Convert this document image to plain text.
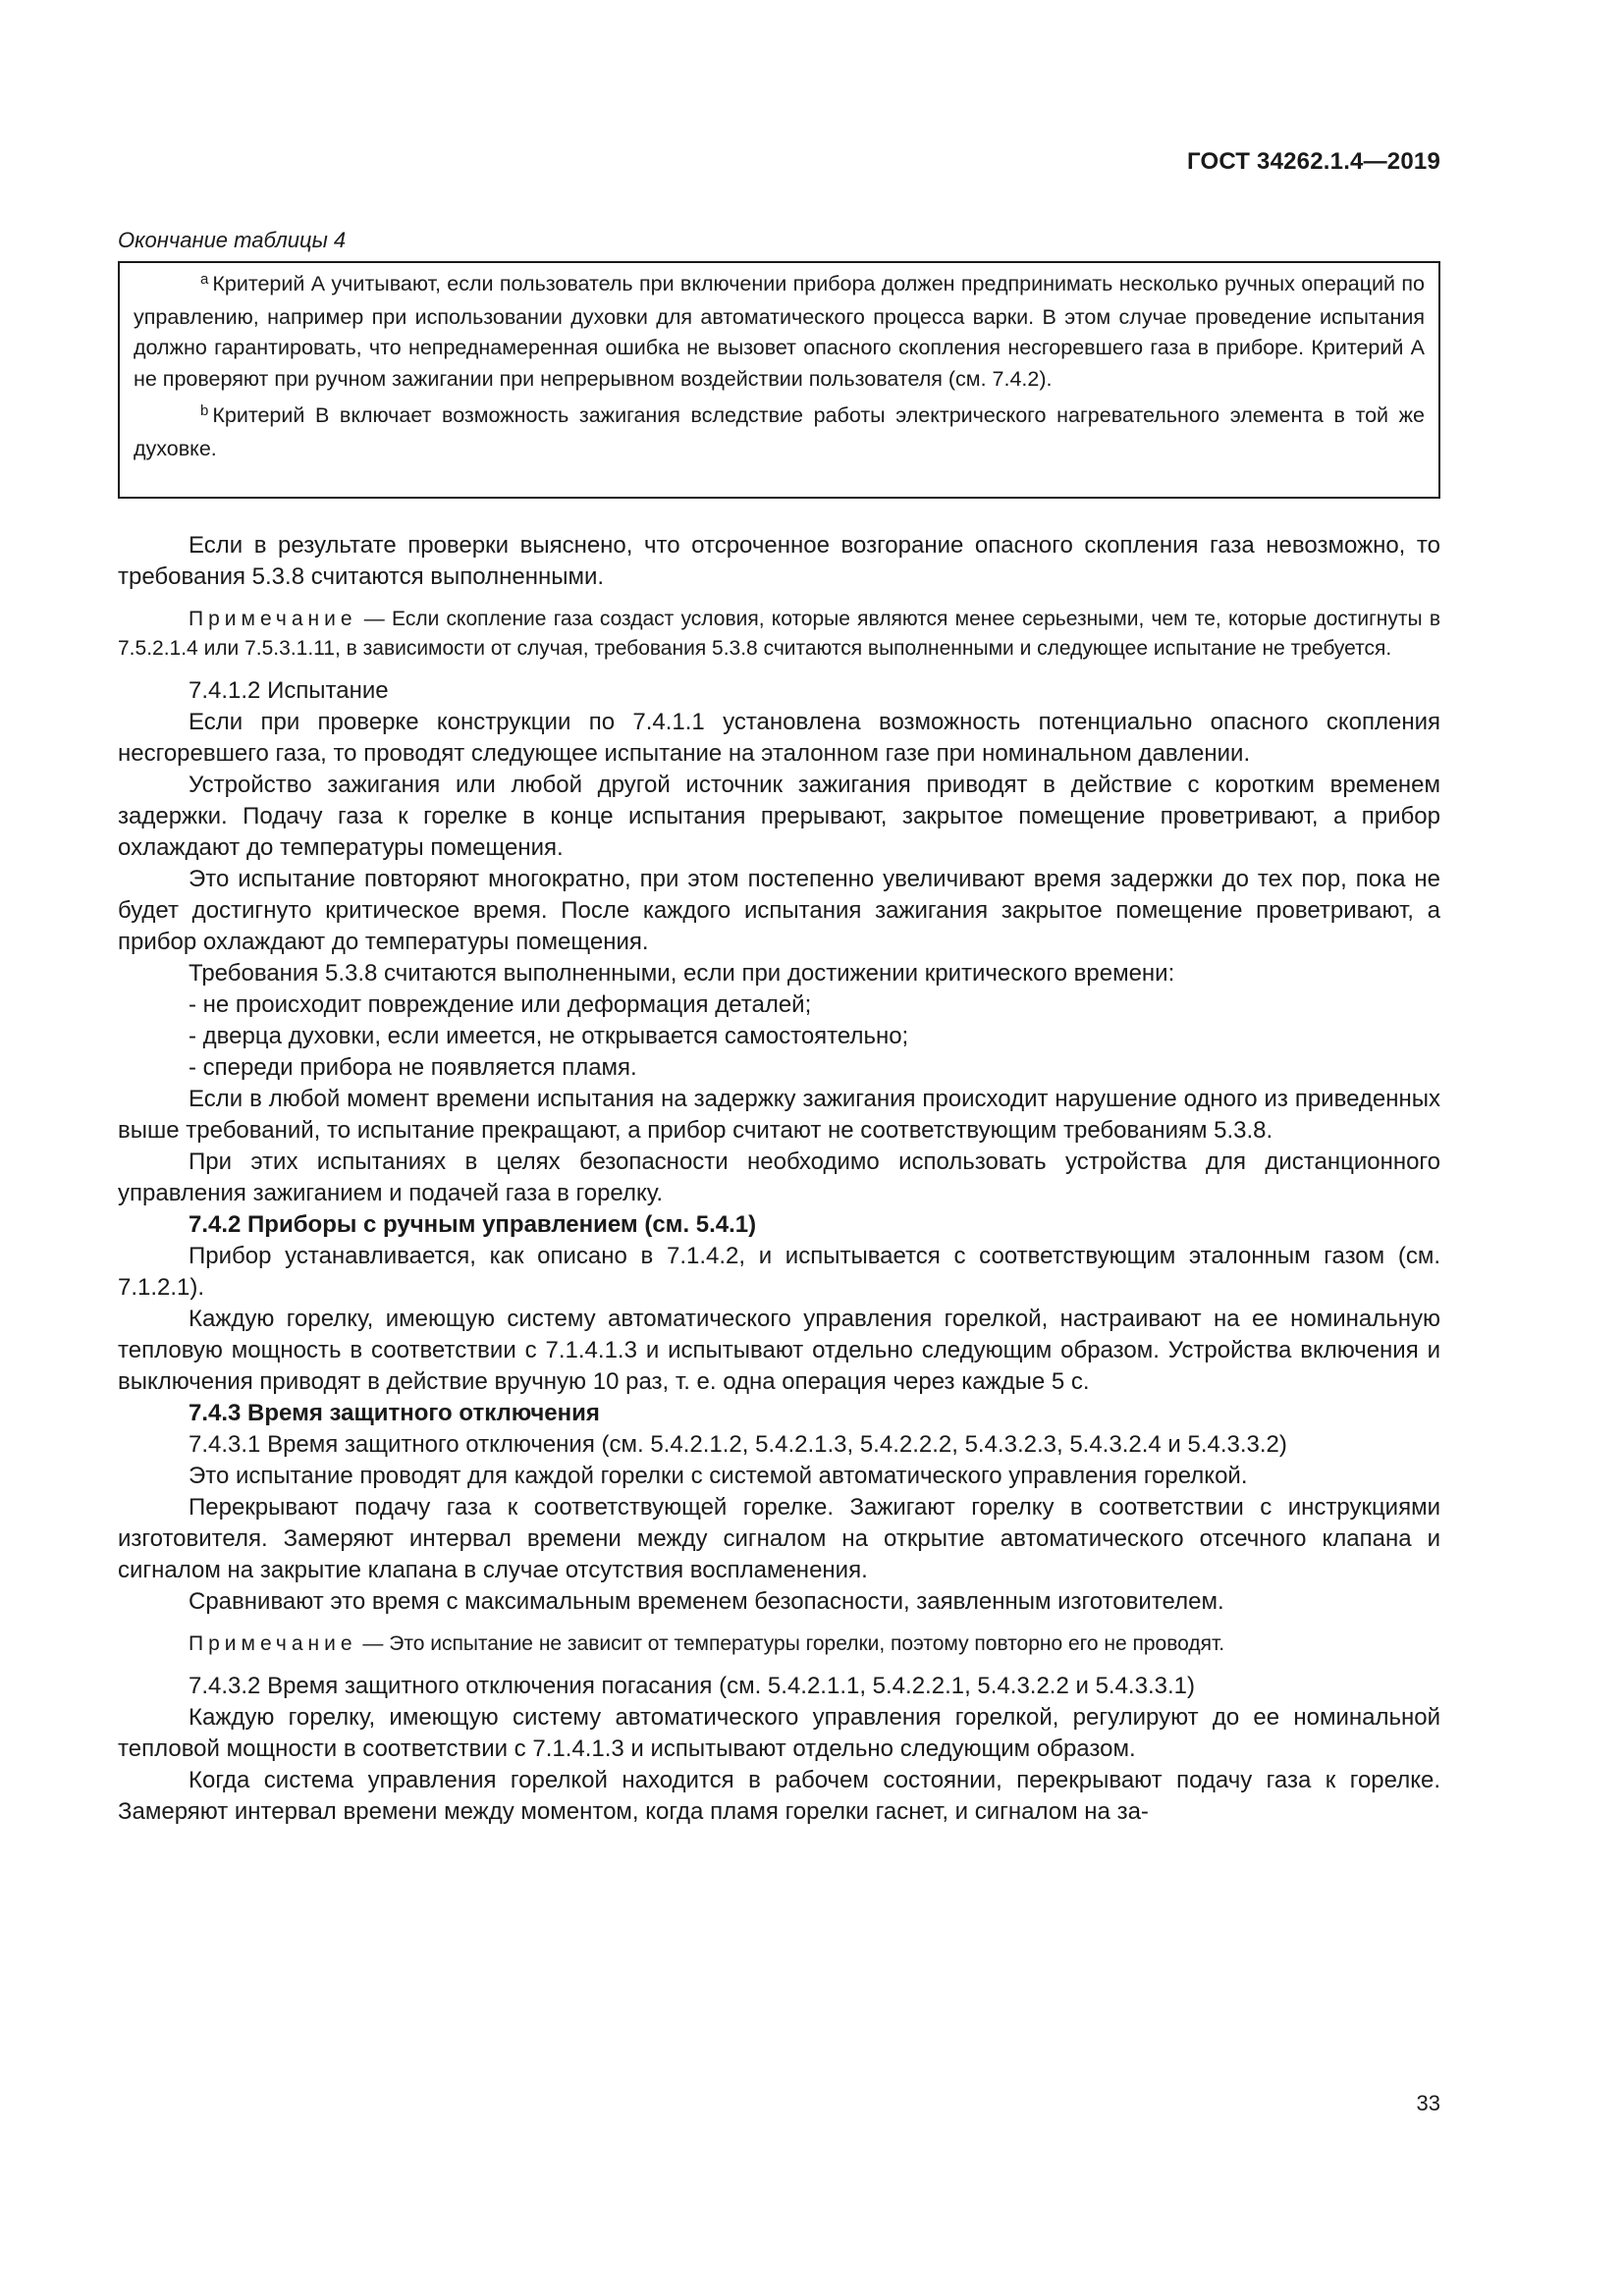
ГОСТ 34262.1.4—2019
Окончание таблицы 4

$^a$ Критерий А учитывают, если пользователь при включении прибора должен предпринимать несколько ручных операций по управлению, например при использовании духовки для автоматического процесса варки. В этом случае проведение испытания должно гарантировать, что непреднамеренная ошибка не вызовет опасного скопления несгоревшего газа в приборе. Критерий А не проверяют при ручном зажигании при непрерывном воздействии пользователя (см. 7.4.2).

$^b$ Критерий В включает возможность зажигания вследствие работы электрического нагревательного элемента в той же духовке.

Если в результате проверки выяснено, что отсроченное возгорание опасного скопления газа невозможно, то требования 5.3.8 считаются выполненными.

Примечание — Если скопление газа создаст условия, которые являются менее серьезными, чем те, которые достигнуты в 7.5.2.1.4 или 7.5.3.1.11, в зависимости от случая, требования 5.3.8 считаются выполненными и следующее испытание не требуется.

7.4.1.2 Испытание

Если при проверке конструкции по 7.4.1.1 установлена возможность потенциально опасного скопления несгоревшего газа, то проводят следующее испытание на эталонном газе при номинальном давлении.

Устройство зажигания или любой другой источник зажигания приводят в действие с коротким временем задержки. Подачу газа к горелке в конце испытания прерывают, закрытое помещение проветривают, а прибор охлаждают до температуры помещения.

Это испытание повторяют многократно, при этом постепенно увеличивают время задержки до тех пор, пока не будет достигнуто критическое время. После каждого испытания зажигания закрытое помещение проветривают, а прибор охлаждают до температуры помещения.

Требования 5.3.8 считаются выполненными, если при достижении критического времени:

- не происходит повреждение или деформация деталей;

- дверца духовки, если имеется, не открывается самостоятельно;

- спереди прибора не появляется пламя.

Если в любой момент времени испытания на задержку зажигания происходит нарушение одного из приведенных выше требований, то испытание прекращают, а прибор считают не соответствующим требованиям 5.3.8.

При этих испытаниях в целях безопасности необходимо использовать устройства для дистанционного управления зажиганием и подачей газа в горелку.

7.4.2 Приборы с ручным управлением (см. 5.4.1)

Прибор устанавливается, как описано в 7.1.4.2, и испытывается с соответствующим эталонным газом (см. 7.1.2.1).

Каждую горелку, имеющую систему автоматического управления горелкой, настраивают на ее номинальную тепловую мощность в соответствии с 7.1.4.1.3 и испытывают отдельно следующим образом. Устройства включения и выключения приводят в действие вручную 10 раз, т. е. одна операция через каждые 5 с.

7.4.3 Время защитного отключения

7.4.3.1 Время защитного отключения (см. 5.4.2.1.2, 5.4.2.1.3, 5.4.2.2.2, 5.4.3.2.3, 5.4.3.2.4 и 5.4.3.3.2)

Это испытание проводят для каждой горелки с системой автоматического управления горелкой.

Перекрывают подачу газа к соответствующей горелке. Зажигают горелку в соответствии с инструкциями изготовителя. Замеряют интервал времени между сигналом на открытие автоматического отсечного клапана и сигналом на закрытие клапана в случае отсутствия воспламенения.

Сравнивают это время с максимальным временем безопасности, заявленным изготовителем.

Примечание — Это испытание не зависит от температуры горелки, поэтому повторно его не проводят.

7.4.3.2 Время защитного отключения погасания (см. 5.4.2.1.1, 5.4.2.2.1, 5.4.3.2.2 и 5.4.3.3.1)

Каждую горелку, имеющую систему автоматического управления горелкой, регулируют до ее номинальной тепловой мощности в соответствии с 7.1.4.1.3 и испытывают отдельно следующим образом.

Когда система управления горелкой находится в рабочем состоянии, перекрывают подачу газа к горелке. Замеряют интервал времени между моментом, когда пламя горелки гаснет, и сигналом на за-

33
